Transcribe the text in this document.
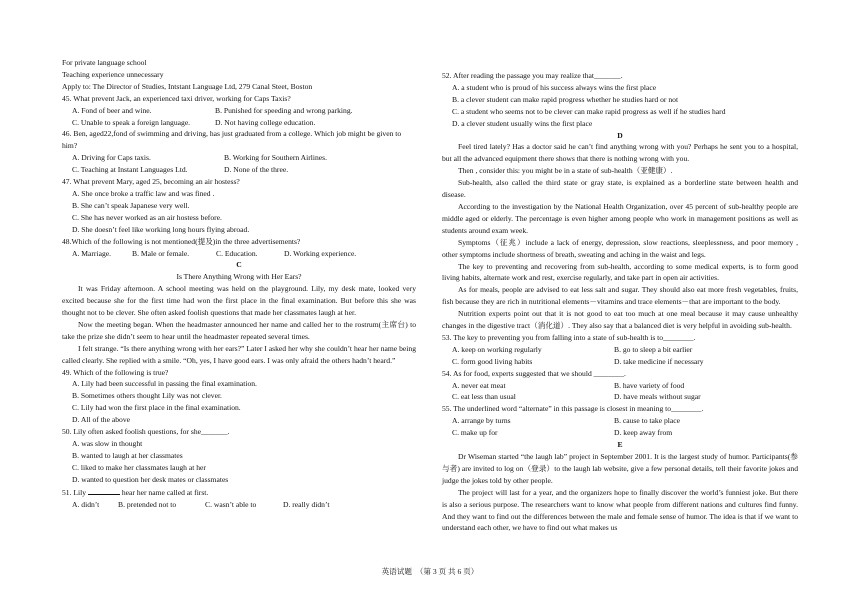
For private language school

Teaching experience unnecessary

Apply to: The Director of Studies, Intstant Language Ltd, 279 Canal Steet, Boston

45. What prevent Jack, an experienced taxi driver, working for Caps Taxis?

A. Fond of beer and wine.	B. Punished for speeding and wrong parking.
C. Unable to speak a foreign language.	D. Not having college education.

46. Ben, aged22,fond of swimming and driving, has just graduated from a college. Which job might be given to him?

A. Driving for Caps taxis.	B. Working for Southern Airlines.
C. Teaching at Instant Languages Ltd.	D. None of the three.

47. What prevent Mary, aged 25, becoming an air hostess?

A. She once broke a traffic law and was fined .

B. She can’t speak Japanese very well.

C. She has never worked as an air hostess before.

D. She doesn’t feel like working long hours flying abroad.

48.Which of the following is not mentioned(提及)in the three advertisements?

A. Marriage.	B. Male or female.	C. Education.	D. Working experience.

C

Is There Anything Wrong with Her Ears?

It was Friday afternoon. A school meeting was held on the playground. Lily, my desk mate, looked very excited because she for the first time had won the first place in the final examination. But before this she was thought not to be clever. She often asked foolish questions that made her classmates laugh at her.

Now the meeting began. When the headmaster announced her name and called her to the rostrum(主席台) to take the prize she didn’t seem to hear until the headmaster repeated several times.

I felt strange. “Is there anything wrong with her ears?” Later I asked her why she couldn’t hear her name being called clearly. She replied with a smile. “Oh, yes, I have good ears. I was only afraid the others hadn’t heard.”

49. Which of the following is true?

A. Lily had been successful in passing the final examination.

B. Sometimes others thought Lily was not clever.

C. Lily had won the first place in the final examination.

D. All of the above

50. Lily often asked foolish questions, for she_______.

A. was slow in thought

B. wanted to laugh at her classmates

C. liked to make her classmates laugh at her

D. wanted to question her desk mates or classmates

51. Lily	hear her name called at first.

A. didn’t	B. pretended not to	C. wasn’t able to	D. really didn’t

52. After reading the passage you may realize that_______.

A. a student who is proud of his success always wins the first place

B. a clever student can make rapid progress whether he studies hard or not

C. a student who seems not to be clever can make rapid progress as well if he studies hard

D. a clever student usually wins the first place

D

Feel tired lately? Has a doctor said he can’t find anything wrong with you? Perhaps he sent you to a hospital, but all the advanced equipment there shows that there is nothing wrong with you.

Then , consider this: you might be in a state of sub-health（亚健康）.

Sub-health, also called the third state or gray state, is explained as a borderline state between health and disease.

According to the investigation by the National Health Organization, over 45 percent of sub-healthy people are middle aged or elderly. The percentage is even higher among people who work in management positions as well as students around exam week.

Symptoms（征兆）include a lack of energy, depression, slow reactions, sleeplessness, and poor memory , other symptoms include shortness of breath, sweating and aching in the waist and legs.

The key to preventing and recovering from sub-health, according to some medical experts, is to form good living habits, alternate work and rest, exercise regularly, and take part in open air activities.

As for meals, people are advised to eat less salt and sugar. They should also eat more fresh vegetables, fruits, fish because they are rich in nutritional elements－vitamins and trace elements－that are important to the body.

Nutrition experts point out that it is not good to eat too much at one meal because it may cause unhealthy changes in the digestive tract（消化道）. They also say that a balanced diet is very helpful in avoiding sub-health.

53. The key to preventing you from falling into a state of sub-health is to________.

A. keep on working regularly	B. go to sleep a bit earlier
C. form good living habits	D. take medicine if necessary

54. As for food, experts suggested that we should ________.

A. never eat meat	B. have variety of food
C. eat less than usual	D. have meals without sugar

55. The underlined word “alternate” in this passage is closest in meaning to________.

A. arrange by turns	B. cause to take place
C. make up for	D. keep away from

E

Dr Wiseman started “the laugh lab” project in September 2001. It is the largest study of humor. Participants(参与者) are invited to log on（登录）to the laugh lab website, give a few personal details, tell their favorite jokes and judge the jokes told by other people.

The project will last for a year, and the organizers hope to finally discover the world’s funniest joke. But there is also a serious purpose. The researchers want to know what people from different nations and cultures find funny. And they want to find out the differences between the male and female sense of humor. The idea is that if we want to understand each other, we have to find out what makes us

英语试题　（第 3 页 共 6 页）
